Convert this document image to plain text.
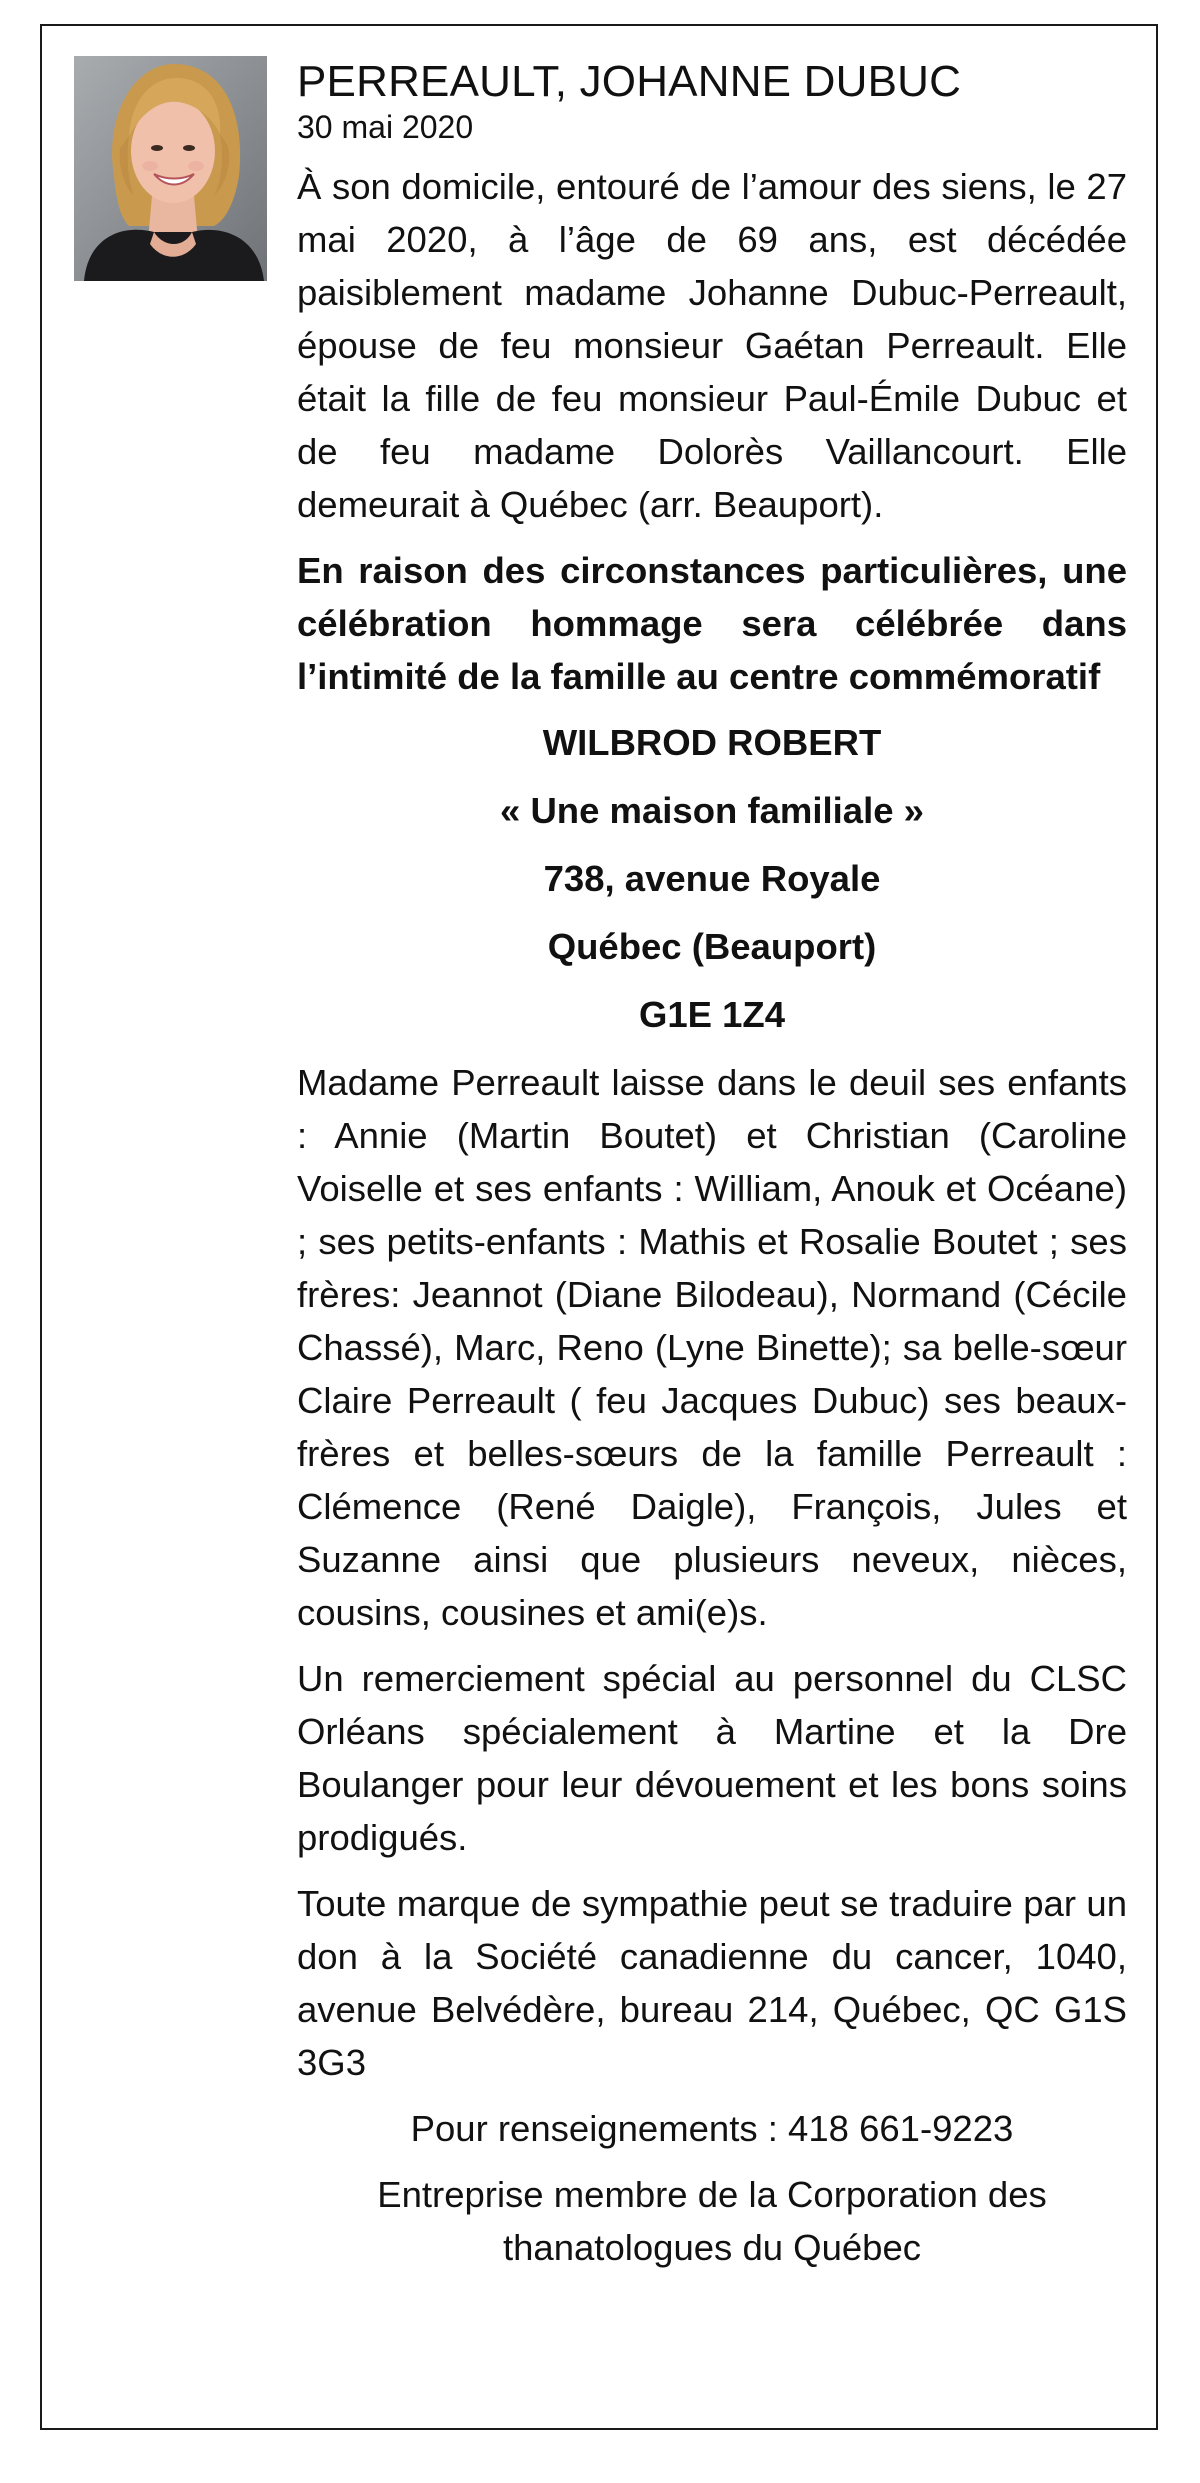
PERREAULT, JOHANNE DUBUC
30 mai 2020

À son domicile, entouré de l’amour des siens, le 27 mai 2020, à l’âge de 69 ans, est décédée paisiblement madame Johanne Dubuc-Perreault, épouse de feu monsieur Gaétan Perreault. Elle était la fille de feu monsieur Paul-Émile Dubuc et de feu madame Dolorès Vaillancourt. Elle demeurait à Québec (arr. Beauport).

En raison des circonstances particulières, une célébration hommage sera célébrée dans l’intimité de la famille au centre commémoratif

WILBROD ROBERT
« Une maison familiale »
738, avenue Royale
Québec (Beauport)
G1E 1Z4

Madame Perreault laisse dans le deuil ses enfants : Annie (Martin Boutet) et Christian (Caroline Voiselle et ses enfants : William, Anouk et Océane) ; ses petits-enfants : Mathis et Rosalie Boutet ; ses frères: Jeannot (Diane Bilodeau), Normand (Cécile Chassé), Marc, Reno (Lyne Binette); sa belle-sœur Claire Perreault ( feu Jacques Dubuc) ses beaux-frères et belles-sœurs de la famille Perreault : Clémence (René Daigle), François, Jules et Suzanne ainsi que plusieurs neveux, nièces, cousins, cousines et ami(e)s.

Un remerciement spécial au personnel du CLSC Orléans spécialement à Martine et la Dre Boulanger pour leur dévouement et les bons soins prodigués.

Toute marque de sympathie peut se traduire par un don à la Société canadienne du cancer, 1040, avenue Belvédère, bureau 214, Québec, QC G1S 3G3

Pour renseignements : 418 661-9223
Entreprise membre de la Corporation des thanatologues du Québec
